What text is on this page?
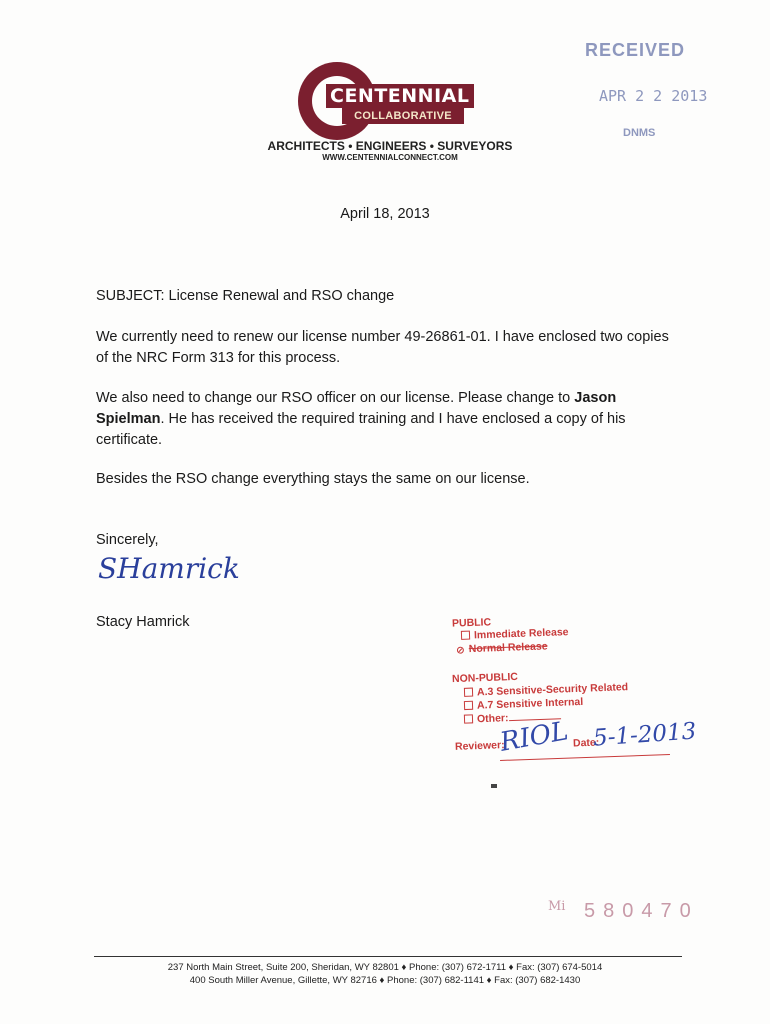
CENTENNIAL
COLLABORATIVE
ARCHITECTS • ENGINEERS • SURVEYORS
WWW.CENTENNIALCONNECT.COM
RECEIVED
APR 2 2 2013
DNMS
April 18, 2013
SUBJECT: License Renewal and RSO change
We currently need to renew our license number 49-26861-01. I have enclosed two copies of the NRC Form 313 for this process.
We also need to change our RSO officer on our license. Please change to Jason Spielman. He has received the required training and I have enclosed a copy of his certificate.
Besides the RSO change everything stays the same on our license.
Sincerely,
SHamrick
Stacy Hamrick	PUBLIC
Immediate Release
⊘ Normal Release
NON-PUBLIC
A.3 Sensitive-Security Related
A.7 Sensitive Internal
Other:
Reviewer:	Date:
RIOL 5-1-2013
Mi 580470
237 North Main Street, Suite 200, Sheridan, WY 82801 ♦ Phone: (307) 672-1711 ♦ Fax: (307) 674-5014
400 South Miller Avenue, Gillette, WY 82716 ♦ Phone: (307) 682-1141 ♦ Fax: (307) 682-1430
